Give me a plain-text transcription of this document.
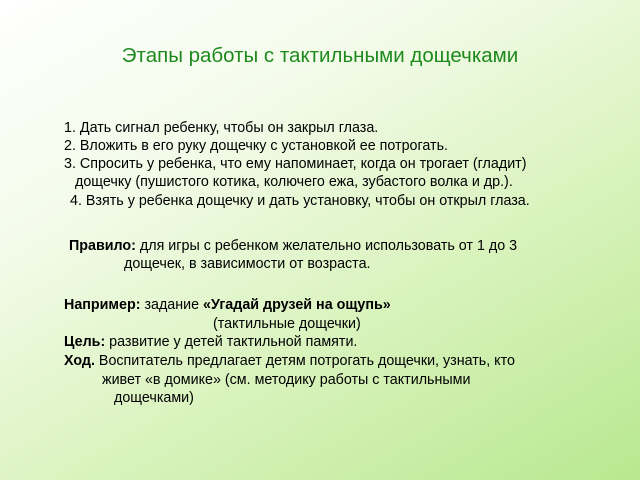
Этапы работы с тактильными дощечками
1. Дать сигнал ребенку, чтобы он закрыл глаза.
2. Вложить в его руку дощечку с установкой ее потрогать.
3. Спросить у ребенка, что ему напоминает, когда он трогает (гладит)
дощечку (пушистого котика, колючего ежа, зубастого волка и др.).
4. Взять у ребенка дощечку и дать установку, чтобы он открыл глаза.
Правило: для игры с ребенком желательно использовать от 1 до 3
дощечек, в зависимости от возраста.
Например: задание «Угадай друзей на ощупь»
(тактильные дощечки)
Цель: развитие у детей тактильной памяти.
Ход. Воспитатель предлагает детям потрогать дощечки, узнать, кто
живет «в домике» (см. методику работы с тактильными
дощечками)
